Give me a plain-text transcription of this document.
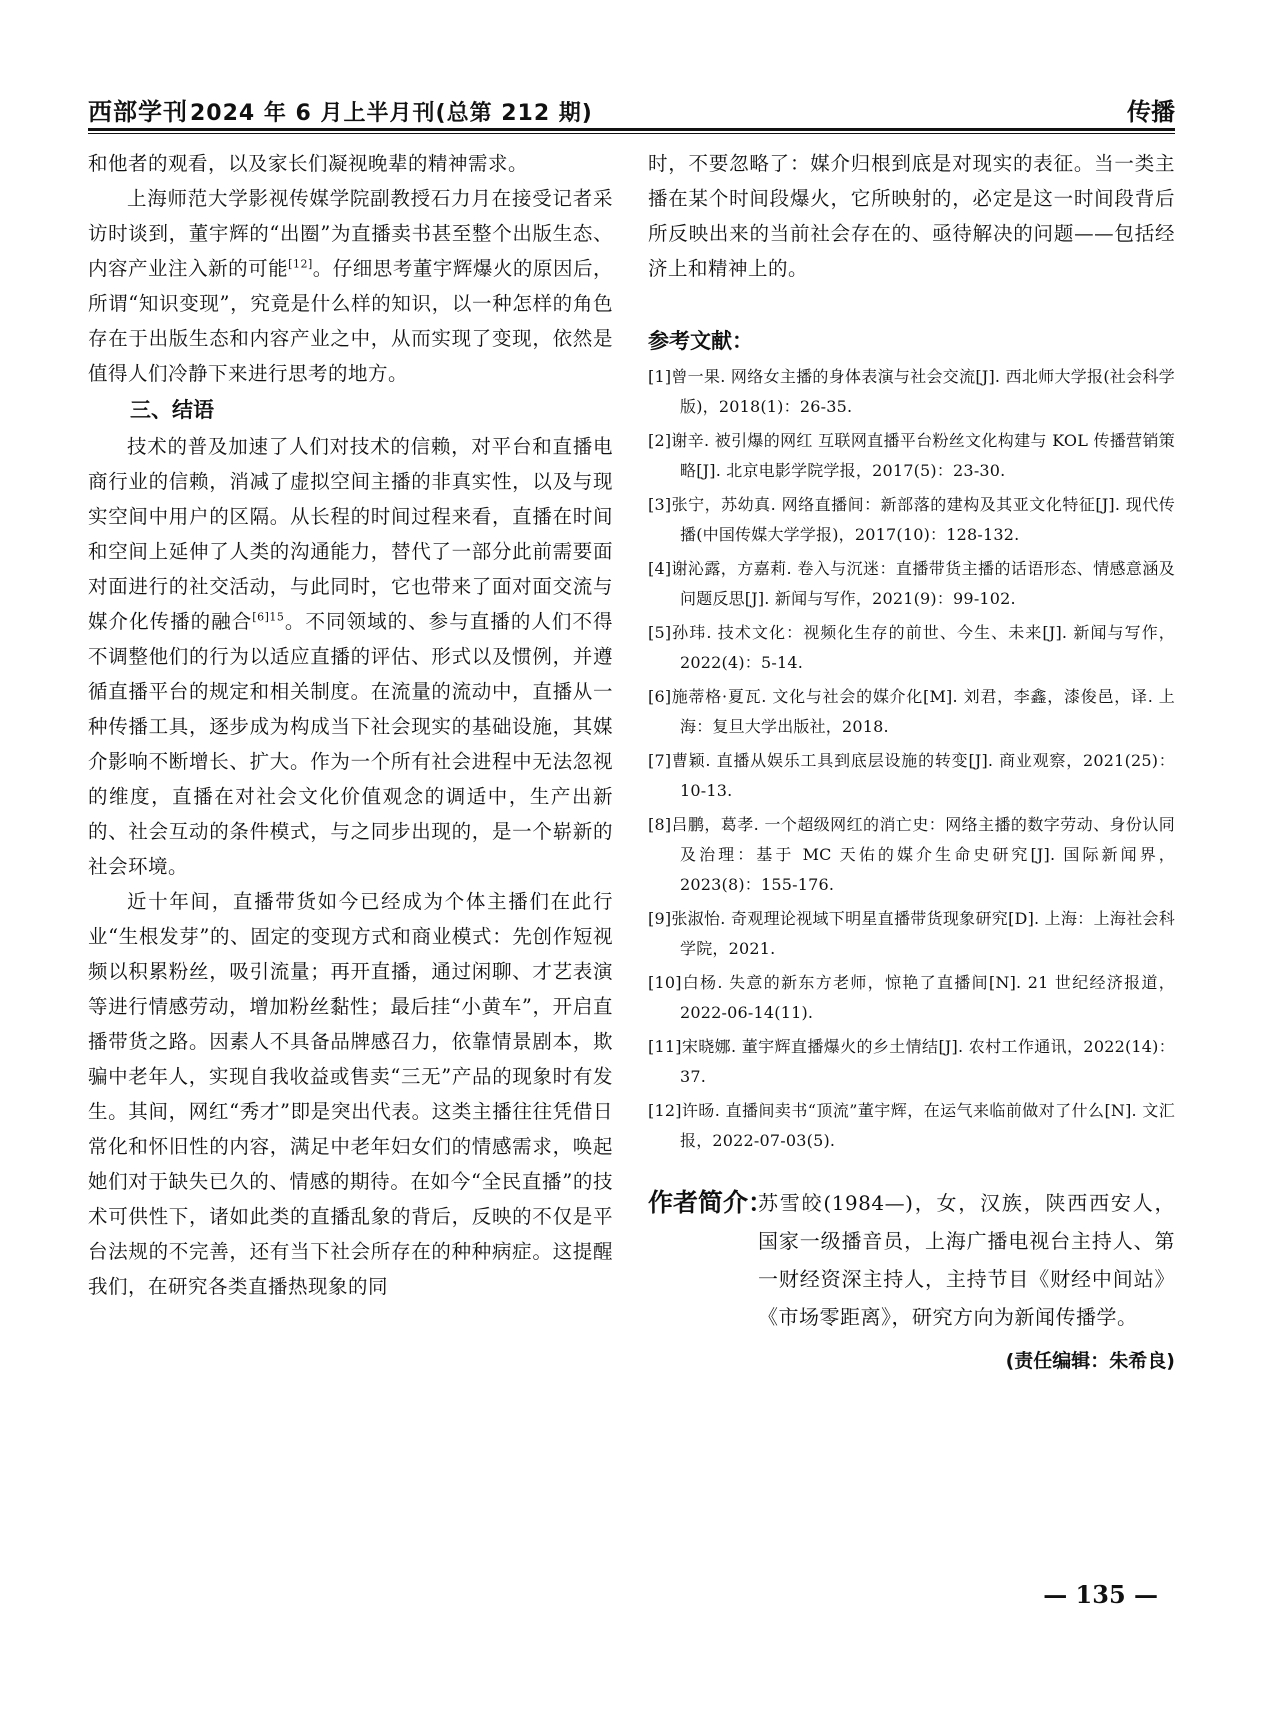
西部学刊2024 年 6 月上半月刊(总第 212 期)	传播

和他者的观看，以及家长们凝视晚辈的精神需求。

上海师范大学影视传媒学院副教授石力月在接受记者采访时谈到，董宇辉的“出圈”为直播卖书甚至整个出版生态、内容产业注入新的可能[12]。仔细思考董宇辉爆火的原因后，所谓“知识变现”，究竟是什么样的知识，以一种怎样的角色存在于出版生态和内容产业之中，从而实现了变现，依然是值得人们冷静下来进行思考的地方。

三、结语

技术的普及加速了人们对技术的信赖，对平台和直播电商行业的信赖，消减了虚拟空间主播的非真实性，以及与现实空间中用户的区隔。从长程的时间过程来看，直播在时间和空间上延伸了人类的沟通能力，替代了一部分此前需要面对面进行的社交活动，与此同时，它也带来了面对面交流与媒介化传播的融合$^{[6]15}$。不同领域的、参与直播的人们不得不调整他们的行为以适应直播的评估、形式以及惯例，并遵循直播平台的规定和相关制度。在流量的流动中，直播从一种传播工具，逐步成为构成当下社会现实的基础设施，其媒介影响不断增长、扩大。作为一个所有社会进程中无法忽视的维度，直播在对社会文化价值观念的调适中，生产出新的、社会互动的条件模式，与之同步出现的，是一个崭新的社会环境。

近十年间，直播带货如今已经成为个体主播们在此行业“生根发芽”的、固定的变现方式和商业模式：先创作短视频以积累粉丝，吸引流量；再开直播，通过闲聊、才艺表演等进行情感劳动，增加粉丝黏性；最后挂“小黄车”，开启直播带货之路。因素人不具备品牌感召力，依靠情景剧本，欺骗中老年人，实现自我收益或售卖“三无”产品的现象时有发生。其间，网红“秀才”即是突出代表。这类主播往往凭借日常化和怀旧性的内容，满足中老年妇女们的情感需求，唤起她们对于缺失已久的、情感的期待。在如今“全民直播”的技术可供性下，诸如此类的直播乱象的背后，反映的不仅是平台法规的不完善，还有当下社会所存在的种种病症。这提醒我们，在研究各类直播热现象的同

时，不要忽略了：媒介归根到底是对现实的表征。当一类主播在某个时间段爆火，它所映射的，必定是这一时间段背后所反映出来的当前社会存在的、亟待解决的问题——包括经济上和精神上的。

参考文献：
[1]曾一果. 网络女主播的身体表演与社会交流[J]. 西北师大学报(社会科学版)，2018(1)：26-35.
[2]谢辛. 被引爆的网红 互联网直播平台粉丝文化构建与 KOL 传播营销策略[J]. 北京电影学院学报，2017(5)：23-30.
[3]张宁，苏幼真. 网络直播间：新部落的建构及其亚文化特征[J]. 现代传播(中国传媒大学学报)，2017(10)：128-132.
[4]谢沁露，方嘉莉. 卷入与沉迷：直播带货主播的话语形态、情感意涵及问题反思[J]. 新闻与写作，2021(9)：99-102.
[5]孙玮. 技术文化：视频化生存的前世、今生、未来[J]. 新闻与写作，2022(4)：5-14.
[6]施蒂格·夏瓦. 文化与社会的媒介化[M]. 刘君，李鑫，漆俊邑，译. 上海：复旦大学出版社，2018.
[7]曹颖. 直播从娱乐工具到底层设施的转变[J]. 商业观察，2021(25)：10-13.
[8]吕鹏，葛孝. 一个超级网红的消亡史：网络主播的数字劳动、身份认同及治理：基于 MC 天佑的媒介生命史研究[J]. 国际新闻界，2023(8)：155-176.
[9]张淑怡. 奇观理论视域下明星直播带货现象研究[D]. 上海：上海社会科学院，2021.
[10]白杨. 失意的新东方老师，惊艳了直播间[N]. 21 世纪经济报道，2022-06-14(11).
[11]宋晓娜. 董宇辉直播爆火的乡土情结[J]. 农村工作通讯，2022(14)：37.
[12]许旸. 直播间卖书“顶流”董宇辉，在运气来临前做对了什么[N]. 文汇报，2022-07-03(5).
作者简介：
苏雪皎(1984—)，女，汉族，陕西西安人，国家一级播音员，上海广播电视台主持人、第一财经资深主持人，主持节目《财经中间站》《市场零距离》，研究方向为新闻传播学。
(责任编辑：朱希良)
— 135 —
